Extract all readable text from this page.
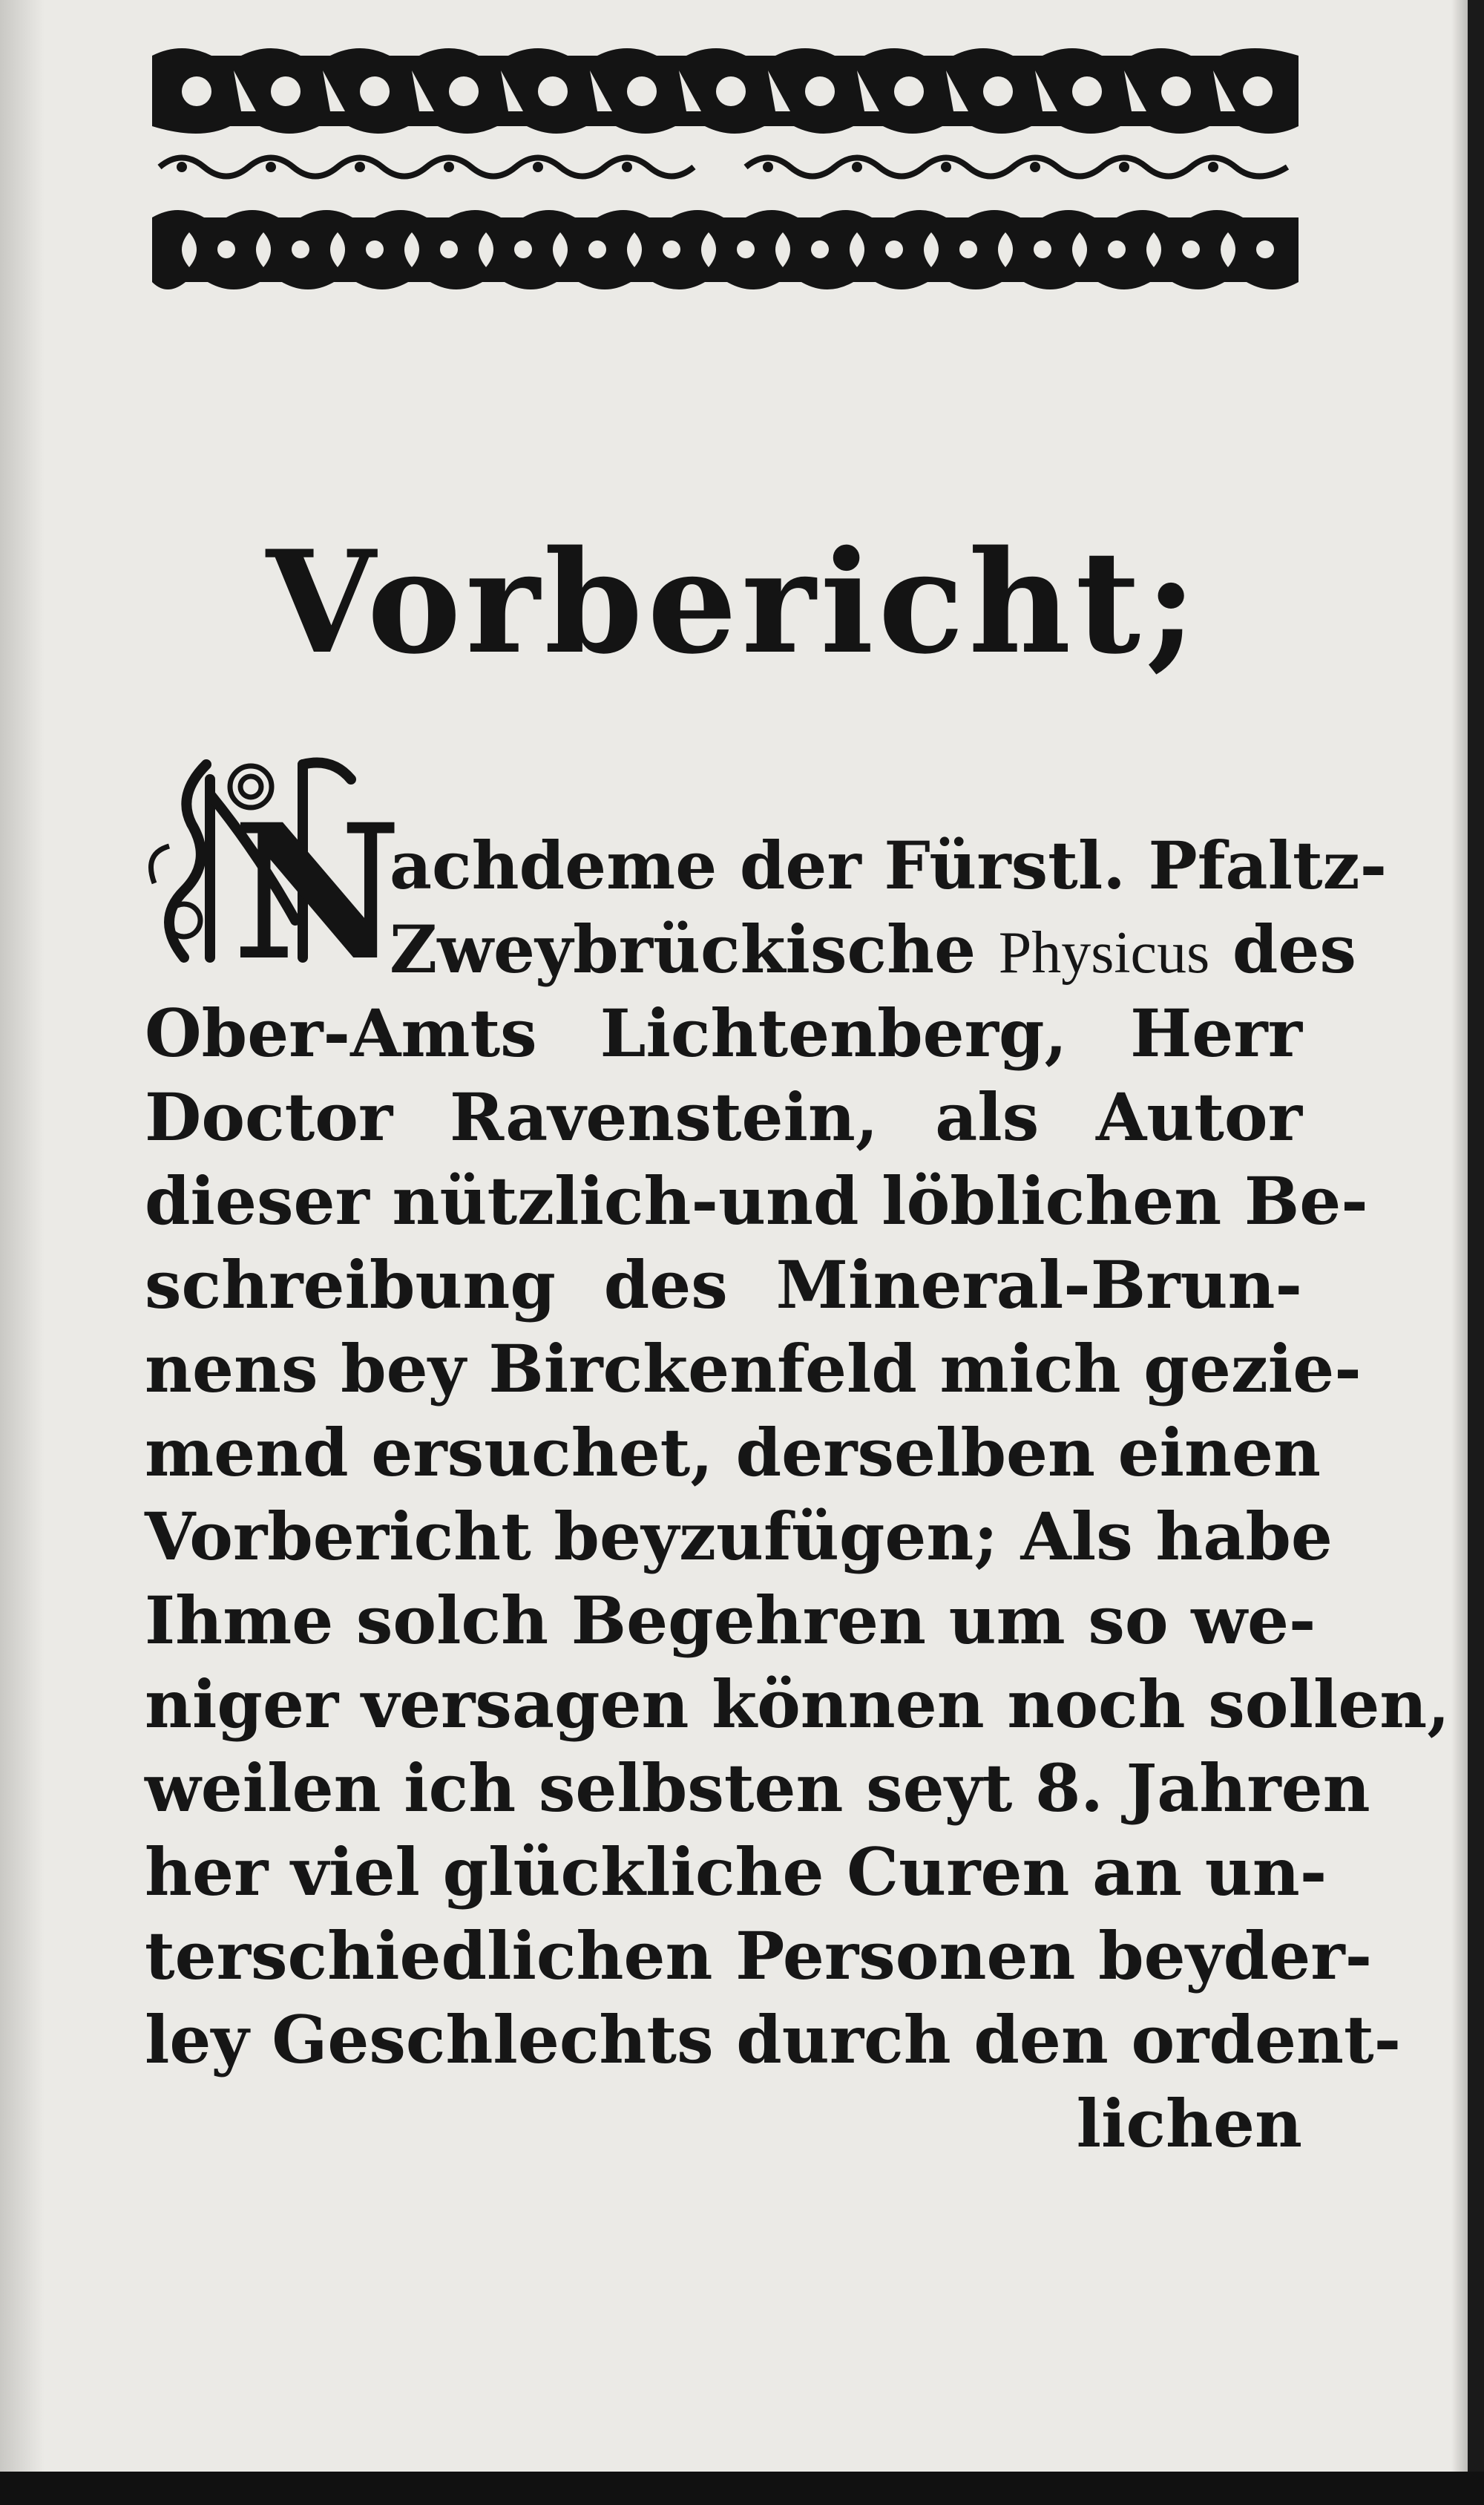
Vorbericht;
N
achdeme der Fürstl. Pfaltz-
Zweybrückische Physicus des
Ober-Amts Lichtenberg, Herr
Doctor Ravenstein, als Autor
dieser nützlich-und löblichen Be-
schreibung des Mineral-Brun-
nens bey Birckenfeld mich gezie-
mend ersuchet, derselben einen
Vorbericht beyzufügen; Als habe
Ihme solch Begehren um so we-
niger versagen können noch sollen,
weilen ich selbsten seyt 8. Jahren
her viel glückliche Curen an un-
terschiedlichen Personen beyder-
ley Geschlechts durch den ordent-
lichen
